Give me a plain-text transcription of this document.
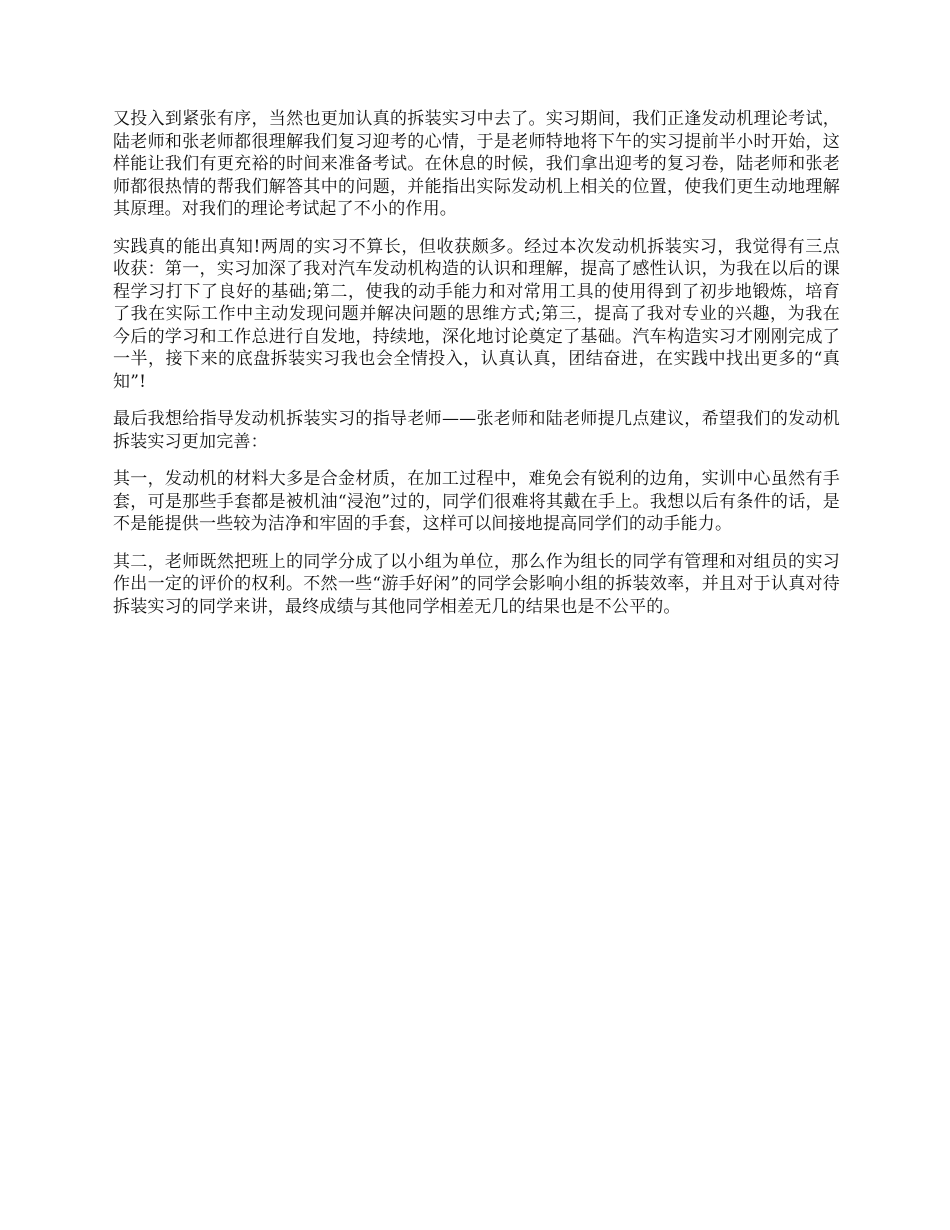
又投入到紧张有序，当然也更加认真的拆装实习中去了。实习期间，我们正逢发动机理论考试，陆老师和张老师都很理解我们复习迎考的心情，于是老师特地将下午的实习提前半小时开始，这样能让我们有更充裕的时间来准备考试。在休息的时候，我们拿出迎考的复习卷，陆老师和张老师都很热情的帮我们解答其中的问题，并能指出实际发动机上相关的位置，使我们更生动地理解其原理。对我们的理论考试起了不小的作用。

实践真的能出真知!两周的实习不算长，但收获颇多。经过本次发动机拆装实习，我觉得有三点收获：第一，实习加深了我对汽车发动机构造的认识和理解，提高了感性认识，为我在以后的课程学习打下了良好的基础;第二，使我的动手能力和对常用工具的使用得到了初步地锻炼，培育了我在实际工作中主动发现问题并解决问题的思维方式;第三，提高了我对专业的兴趣，为我在今后的学习和工作总进行自发地，持续地，深化地讨论奠定了基础。汽车构造实习才刚刚完成了一半，接下来的底盘拆装实习我也会全情投入，认真认真，团结奋进，在实践中找出更多的“真知”!

最后我想给指导发动机拆装实习的指导老师——张老师和陆老师提几点建议，希望我们的发动机拆装实习更加完善：

其一，发动机的材料大多是合金材质，在加工过程中，难免会有锐利的边角，实训中心虽然有手套，可是那些手套都是被机油“浸泡”过的，同学们很难将其戴在手上。我想以后有条件的话，是不是能提供一些较为洁净和牢固的手套，这样可以间接地提高同学们的动手能力。

其二，老师既然把班上的同学分成了以小组为单位，那么作为组长的同学有管理和对组员的实习作出一定的评价的权利。不然一些“游手好闲”的同学会影响小组的拆装效率，并且对于认真对待拆装实习的同学来讲，最终成绩与其他同学相差无几的结果也是不公平的。
